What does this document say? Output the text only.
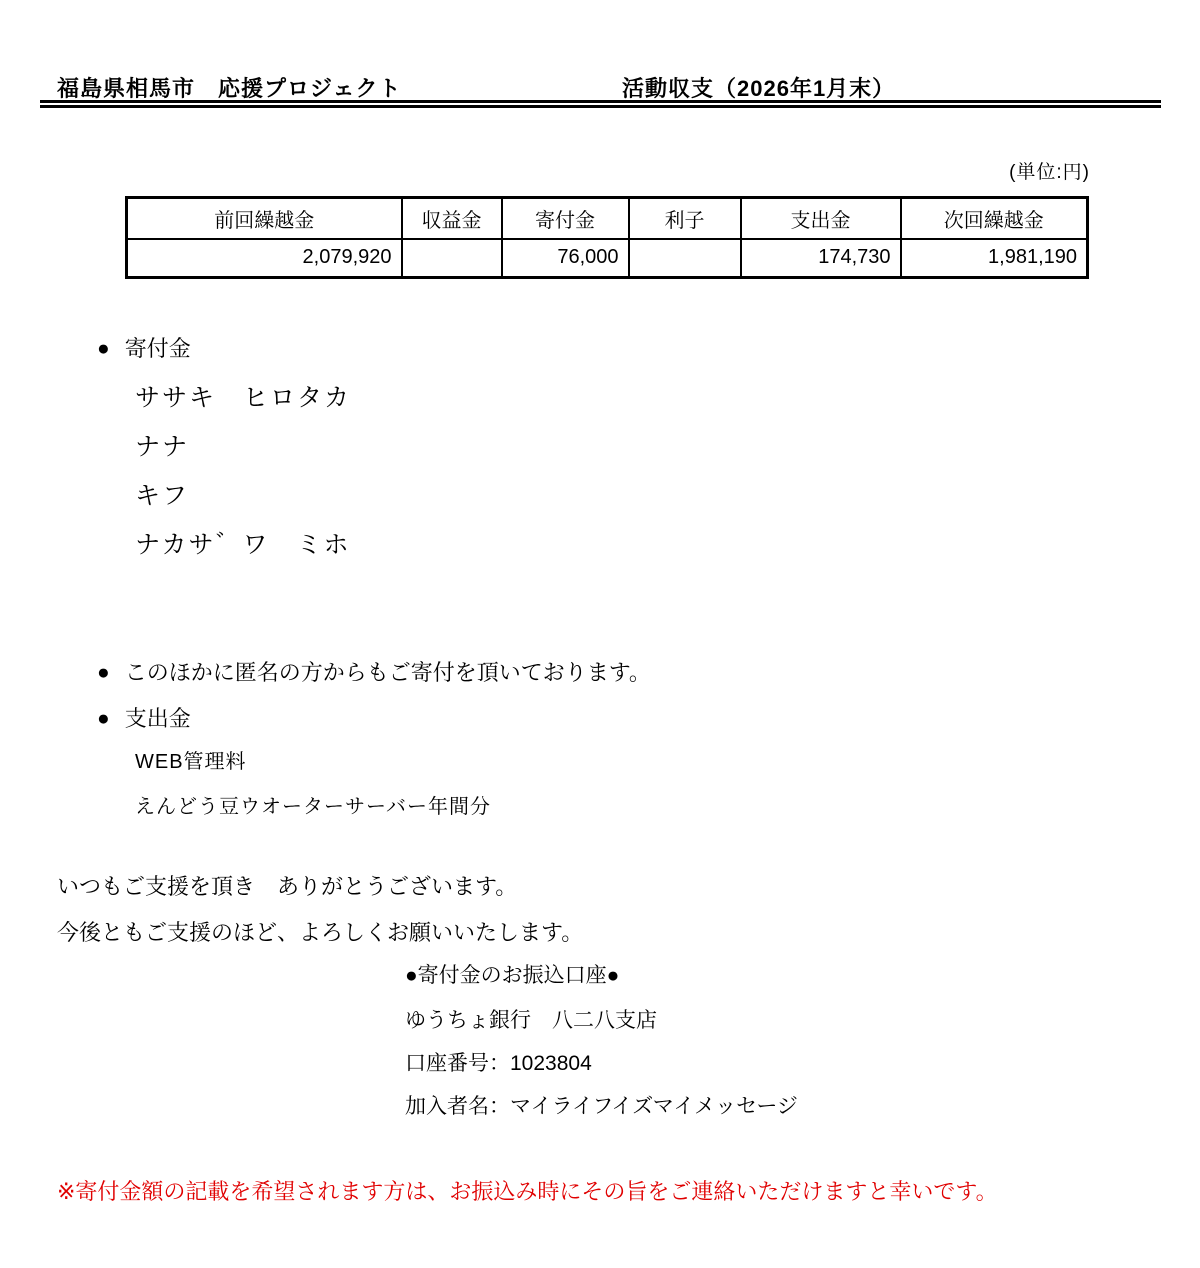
福島県相馬市　応援プロジェクト	活動収支（2026年1月末）
(単位:円)
前回繰越金	収益金	寄付金	利子	支出金	次回繰越金
2,079,920		76,000		174,730	1,981,190
● 寄付金
ササキ　ヒロタカ
ナナ
キフ
ナカサ゛ワ　ミホ
● このほかに匿名の方からもご寄付を頂いております。
● 支出金
WEB管理料
えんどう豆ウオーターサーバー年間分
いつもご支援を頂き　ありがとうございます。
今後ともご支援のほど、よろしくお願いいたします。
●寄付金のお振込口座●
ゆうちょ銀行　八二八支店
口座番号：1023804
加入者名：マイライフイズマイメッセージ
※寄付金額の記載を希望されます方は、お振込み時にその旨をご連絡いただけますと幸いです。
